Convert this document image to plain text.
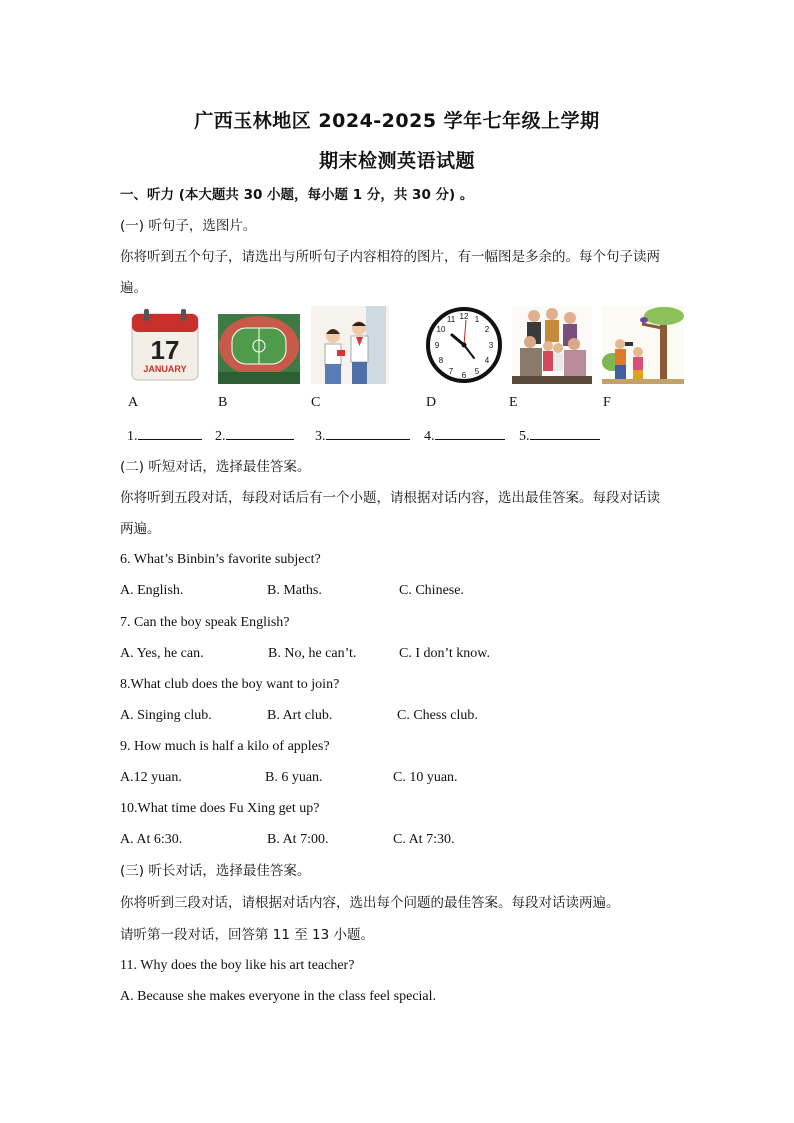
广西玉林地区 2024-2025 学年七年级上学期
期末检测英语试题
一、听力 (本大题共 30 小题，每小题 1 分，共 30 分) 。
(一) 听句子，选图片。
你将听到五个句子，请选出与所听句子内容相符的图片，有一幅图是多余的。每个句子读两
遍。
17
JANUARY
12 1
2
3
4
5
6
7
8
9
10
11
A	B	C	D	E	F
1.	2.	3.	4.	5.
(二) 听短对话，选择最佳答案。
你将听到五段对话，每段对话后有一个小题，请根据对话内容，选出最佳答案。每段对话读
两遍。
6. What’s Binbin’s favorite subject?
A. English.	B. Maths.	C. Chinese.
7. Can the boy speak English?
A. Yes, he can.	B. No, he can’t.	C. I don’t know.
8.What club does the boy want to join?
A. Singing club.	B. Art club.	C. Chess club.
9. How much is half a kilo of apples?
A.12 yuan.	B. 6 yuan.	C. 10 yuan.
10.What time does Fu Xing get up?
A. At 6:30.	B. At 7:00.	C. At 7:30.
(三) 听长对话，选择最佳答案。
你将听到三段对话，请根据对话内容，选出每个问题的最佳答案。每段对话读两遍。
请听第一段对话，回答第 11 至 13 小题。
11. Why does the boy like his art teacher?
A. Because she makes everyone in the class feel special.
